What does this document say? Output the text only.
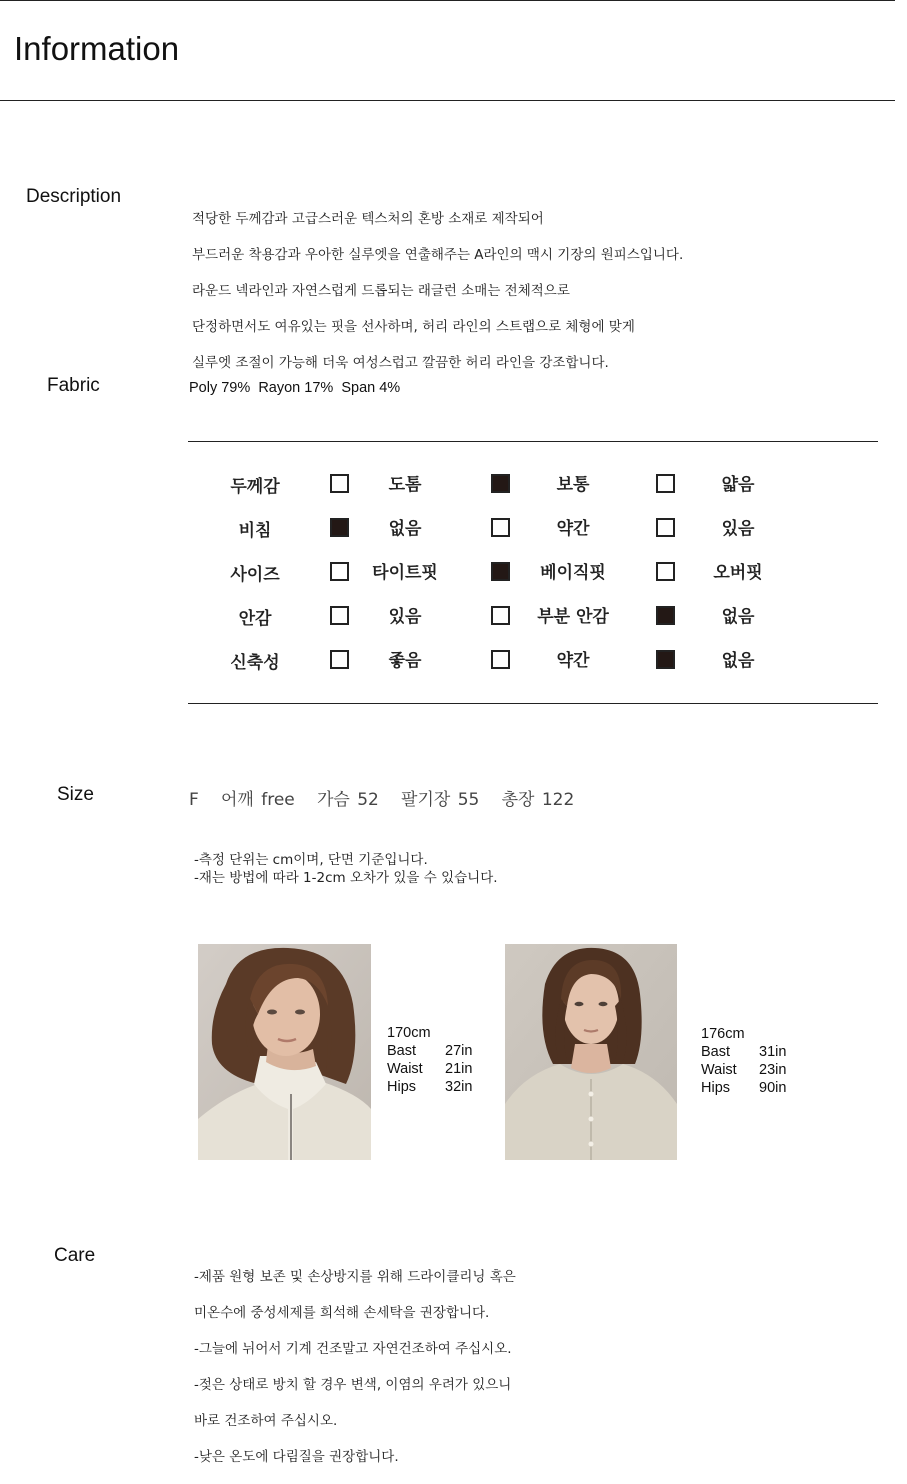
Information
Description

적당한 두께감과 고급스러운 텍스처의 혼방 소재로 제작되어

부드러운 착용감과 우아한 실루엣을 연출해주는 A라인의 맥시 기장의 원피스입니다.

라운드 넥라인과 자연스럽게 드롭되는 래글런 소매는 전체적으로

단정하면서도 여유있는 핏을 선사하며, 허리 라인의 스트랩으로 체형에 맞게

실루엣 조절이 가능해 더욱 여성스럽고 깔끔한 허리 라인을 강조합니다.

Fabric	Poly 79%  Rayon 17%  Span 4%
두께감	도톰	보통	얇음
비침	없음	약간	있음
사이즈	타이트핏	베이직핏	오버핏
안감	있음	부분 안감	없음
신축성	좋음	약간	없음
Size	F   어깨 free   가슴 52   팔기장 55   총장 122
-측정 단위는 cm이며, 단면 기준입니다.
-재는 방법에 따라 1-2cm 오차가 있을 수 있습니다.
170cm
Bast	27in
Waist	21in
Hips	32in
176cm
Bast	31in
Waist	23in
Hips	90in
Care

-제품 원형 보존 및 손상방지를 위해 드라이클리닝 혹은

미온수에 중성세제를 희석해 손세탁을 권장합니다.

-그늘에 뉘어서 기계 건조말고 자연건조하여 주십시오.

-젖은 상태로 방치 할 경우 변색, 이염의 우려가 있으니

바로 건조하여 주십시오.

-낮은 온도에 다림질을 권장합니다.
